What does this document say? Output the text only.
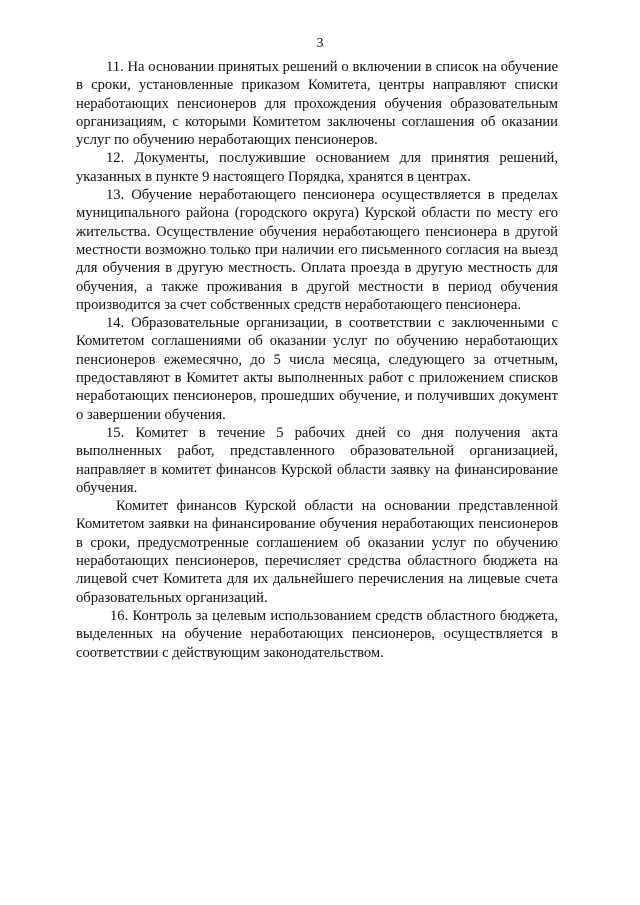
3

11. На основании принятых решений о включении в список на обучение в сроки, установленные приказом Комитета, центры направляют списки неработающих пенсионеров для прохождения обучения образовательным организациям, с которыми Комитетом заключены соглашения об оказании услуг по обучению неработающих пенсионеров.

12. Документы, послужившие основанием для принятия решений, указанных в пункте 9 настоящего Порядка, хранятся в центрах.

13. Обучение неработающего пенсионера осуществляется в пределах муниципального района (городского округа) Курской области по месту его жительства. Осуществление обучения неработающего пенсионера в другой местности возможно только при наличии его письменного согласия на выезд для обучения в другую местность. Оплата проезда в другую местность для обучения, а также проживания в другой местности в период обучения производится за счет собственных средств неработающего пенсионера.

14. Образовательные организации, в соответствии с заключенными с Комитетом соглашениями об оказании услуг по обучению неработающих пенсионеров ежемесячно, до 5 числа месяца, следующего за отчетным, предоставляют в Комитет акты выполненных работ с приложением списков неработающих пенсионеров, прошедших обучение, и получивших документ о завершении обучения.

15. Комитет в течение 5 рабочих дней со дня получения акта выполненных работ, представленного образовательной организацией, направляет в комитет финансов Курской области заявку на финансирование обучения.

Комитет финансов Курской области на основании представленной Комитетом заявки на финансирование обучения неработающих пенсионеров в сроки, предусмотренные соглашением об оказании услуг по обучению неработающих пенсионеров, перечисляет средства областного бюджета на лицевой счет Комитета для их дальнейшего перечисления на лицевые счета образовательных организаций.

16. Контроль за целевым использованием средств областного бюджета, выделенных на обучение неработающих пенсионеров, осуществляется в соответствии с действующим законодательством.
